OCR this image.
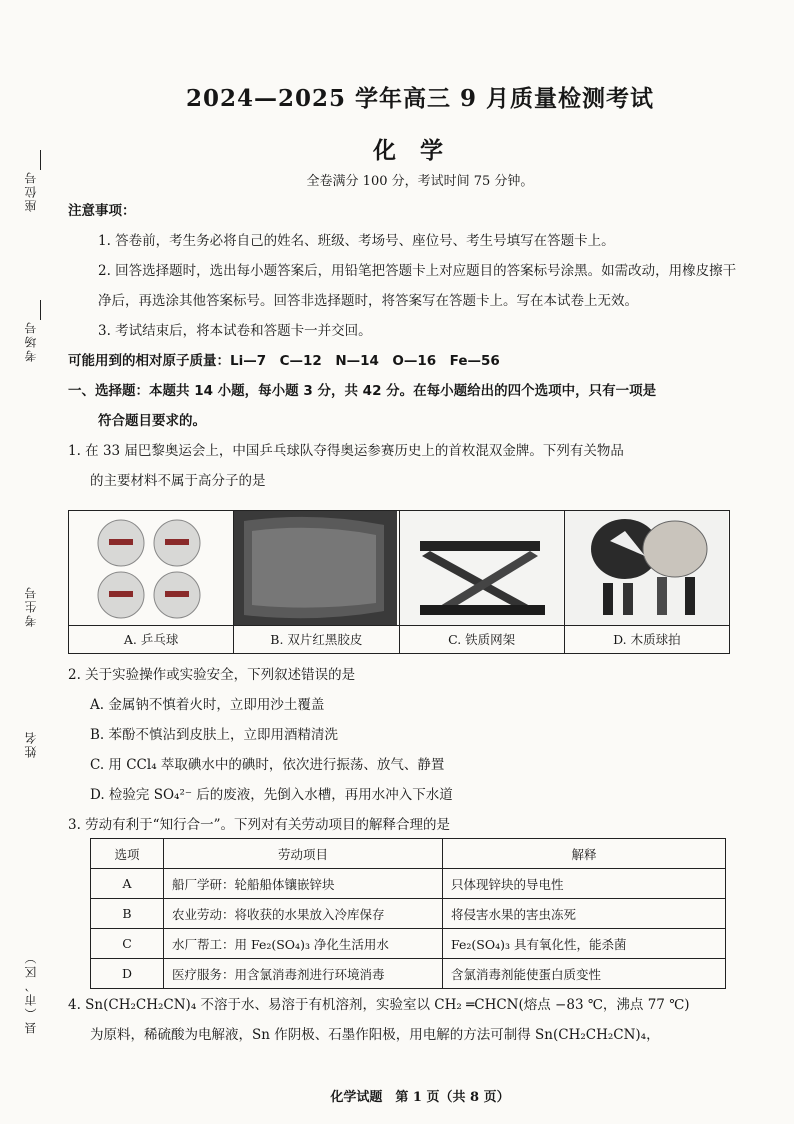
座位号
考场号
考生号
姓名
县（市、区）
2024—2025 学年高三 9 月质量检测考试
化学
全卷满分 100 分，考试时间 75 分钟。
注意事项：
1. 答卷前，考生务必将自己的姓名、班级、考场号、座位号、考生号填写在答题卡上。
2. 回答选择题时，选出每小题答案后，用铅笔把答题卡上对应题目的答案标号涂黑。如需改动，用橡皮擦干净后，再选涂其他答案标号。回答非选择题时，将答案写在答题卡上。写在本试卷上无效。
3. 考试结束后，将本试卷和答题卡一并交回。
可能用到的相对原子质量：Li—7　C—12　N—14　O—16　Fe—56
一、选择题：本题共 14 小题，每小题 3 分，共 42 分。在每小题给出的四个选项中，只有一项是
符合题目要求的。
1. 在 33 届巴黎奥运会上，中国乒乓球队夺得奥运参赛历史上的首枚混双金牌。下列有关物品
的主要材料不属于高分子的是
A. 乒乓球	B. 双片红黑胶皮	C. 铁质网架	D. 木质球拍
2. 关于实验操作或实验安全，下列叙述错误的是
A. 金属钠不慎着火时，立即用沙土覆盖
B. 苯酚不慎沾到皮肤上，立即用酒精清洗
C. 用 CCl₄ 萃取碘水中的碘时，依次进行振荡、放气、静置
D. 检验完 SO₄²⁻ 后的废液，先倒入水槽，再用水冲入下水道
3. 劳动有利于“知行合一”。下列对有关劳动项目的解释合理的是
选项	劳动项目	解释
A	船厂学研：轮船船体镶嵌锌块	只体现锌块的导电性
B	农业劳动：将收获的水果放入冷库保存	将侵害水果的害虫冻死
C	水厂帮工：用 Fe₂(SO₄)₃ 净化生活用水	Fe₂(SO₄)₃ 具有氧化性，能杀菌
D	医疗服务：用含氯消毒剂进行环境消毒	含氯消毒剂能使蛋白质变性
4. Sn(CH₂CH₂CN)₄ 不溶于水、易溶于有机溶剂，实验室以 CH₂ ═CHCN(熔点 −83 ℃，沸点 77 ℃)
为原料，稀硫酸为电解液，Sn 作阴极、石墨作阳极，用电解的方法可制得 Sn(CH₂CH₂CN)₄，
化学试题　第 1 页（共 8 页）
